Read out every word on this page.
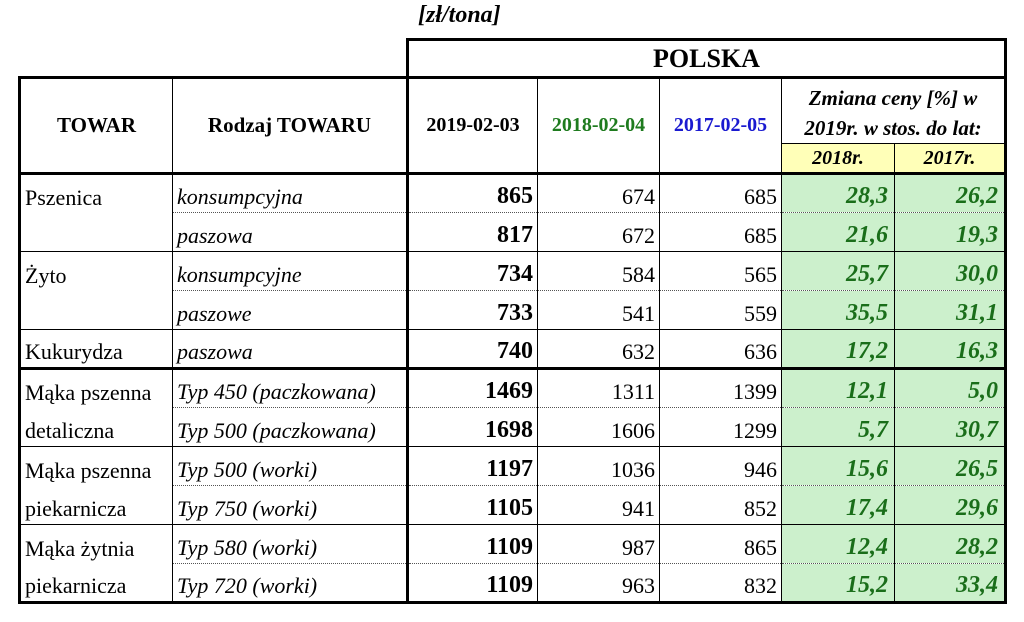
[zł/tona]
		POLSKA				
TOWAR	Rodzaj TOWARU	2019-02-03	2018-02-04	2017-02-05	Zmiana ceny [%] w
2019r. w stos. do lat:	

					2018r.	2017r.
Pszenica	konsumpcyjna	865	674	685	28,3	26,2
	paszowa	817	672	685	21,6	19,3
Żyto	konsumpcyjne	734	584	565	25,7	30,0
	paszowe	733	541	559	35,5	31,1
Kukurydza	paszowa	740	632	636	17,2	16,3
Mąka pszenna	Typ 450 (paczkowana)	1469	1311	1399	12,1	5,0
detaliczna	Typ 500 (paczkowana)	1698	1606	1299	5,7	30,7
Mąka pszenna	Typ 500 (worki)	1197	1036	946	15,6	26,5
piekarnicza	Typ 750 (worki)	1105	941	852	17,4	29,6
Mąka żytnia	Typ 580 (worki)	1109	987	865	12,4	28,2
piekarnicza	Typ 720 (worki)	1109	963	832	15,2	33,4
